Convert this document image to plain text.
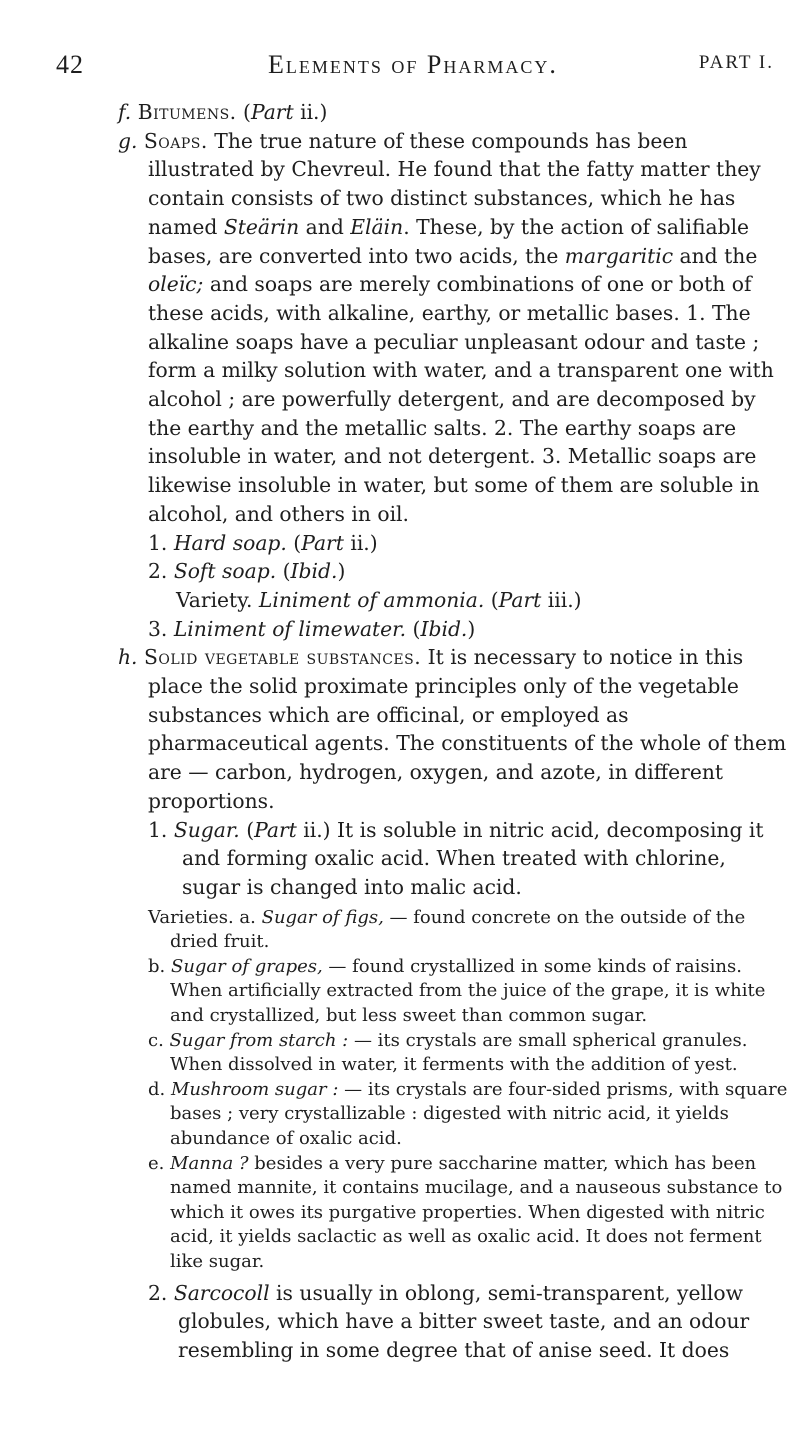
42	Elements of Pharmacy.	PART I.

f. Bitumens. (Part ii.)

g. Soaps. The true nature of these compounds has been illustrated by Chevreul. He found that the fatty matter they contain consists of two distinct substances, which he has named Steärin and Eläin. These, by the action of salifiable bases, are converted into two acids, the margaritic and the oleïc; and soaps are merely combinations of one or both of these acids, with alkaline, earthy, or metallic bases. 1. The alkaline soaps have a peculiar unpleasant odour and taste ; form a milky solution with water, and a transparent one with alcohol ; are powerfully detergent, and are decomposed by the earthy and the metallic salts. 2. The earthy soaps are insoluble in water, and not detergent. 3. Metallic soaps are likewise insoluble in water, but some of them are soluble in alcohol, and others in oil.

1. Hard soap. (Part ii.)

2. Soft soap. (Ibid.)

Variety. Liniment of ammonia. (Part iii.)

3. Liniment of limewater. (Ibid.)

h. Solid vegetable substances. It is necessary to notice in this place the solid proximate principles only of the vegetable substances which are officinal, or employed as pharmaceutical agents. The constituents of the whole of them are — carbon, hydrogen, oxygen, and azote, in different proportions.

1. Sugar. (Part ii.) It is soluble in nitric acid, decomposing it and forming oxalic acid. When treated with chlorine, sugar is changed into malic acid.

Varieties. a. Sugar of figs, — found concrete on the outside of the dried fruit.

b. Sugar of grapes, — found crystallized in some kinds of raisins. When artificially extracted from the juice of the grape, it is white and crystallized, but less sweet than common sugar.

c. Sugar from starch : — its crystals are small spherical granules. When dissolved in water, it ferments with the addition of yest.

d. Mushroom sugar : — its crystals are four-sided prisms, with square bases ; very crystallizable : digested with nitric acid, it yields abundance of oxalic acid.

e. Manna ? besides a very pure saccharine matter, which has been named mannite, it contains mucilage, and a nauseous substance to which it owes its purgative properties. When digested with nitric acid, it yields saclactic as well as oxalic acid. It does not ferment like sugar.

2. Sarcocoll is usually in oblong, semi-transparent, yellow globules, which have a bitter sweet taste, and an odour resembling in some degree that of anise seed. It does
